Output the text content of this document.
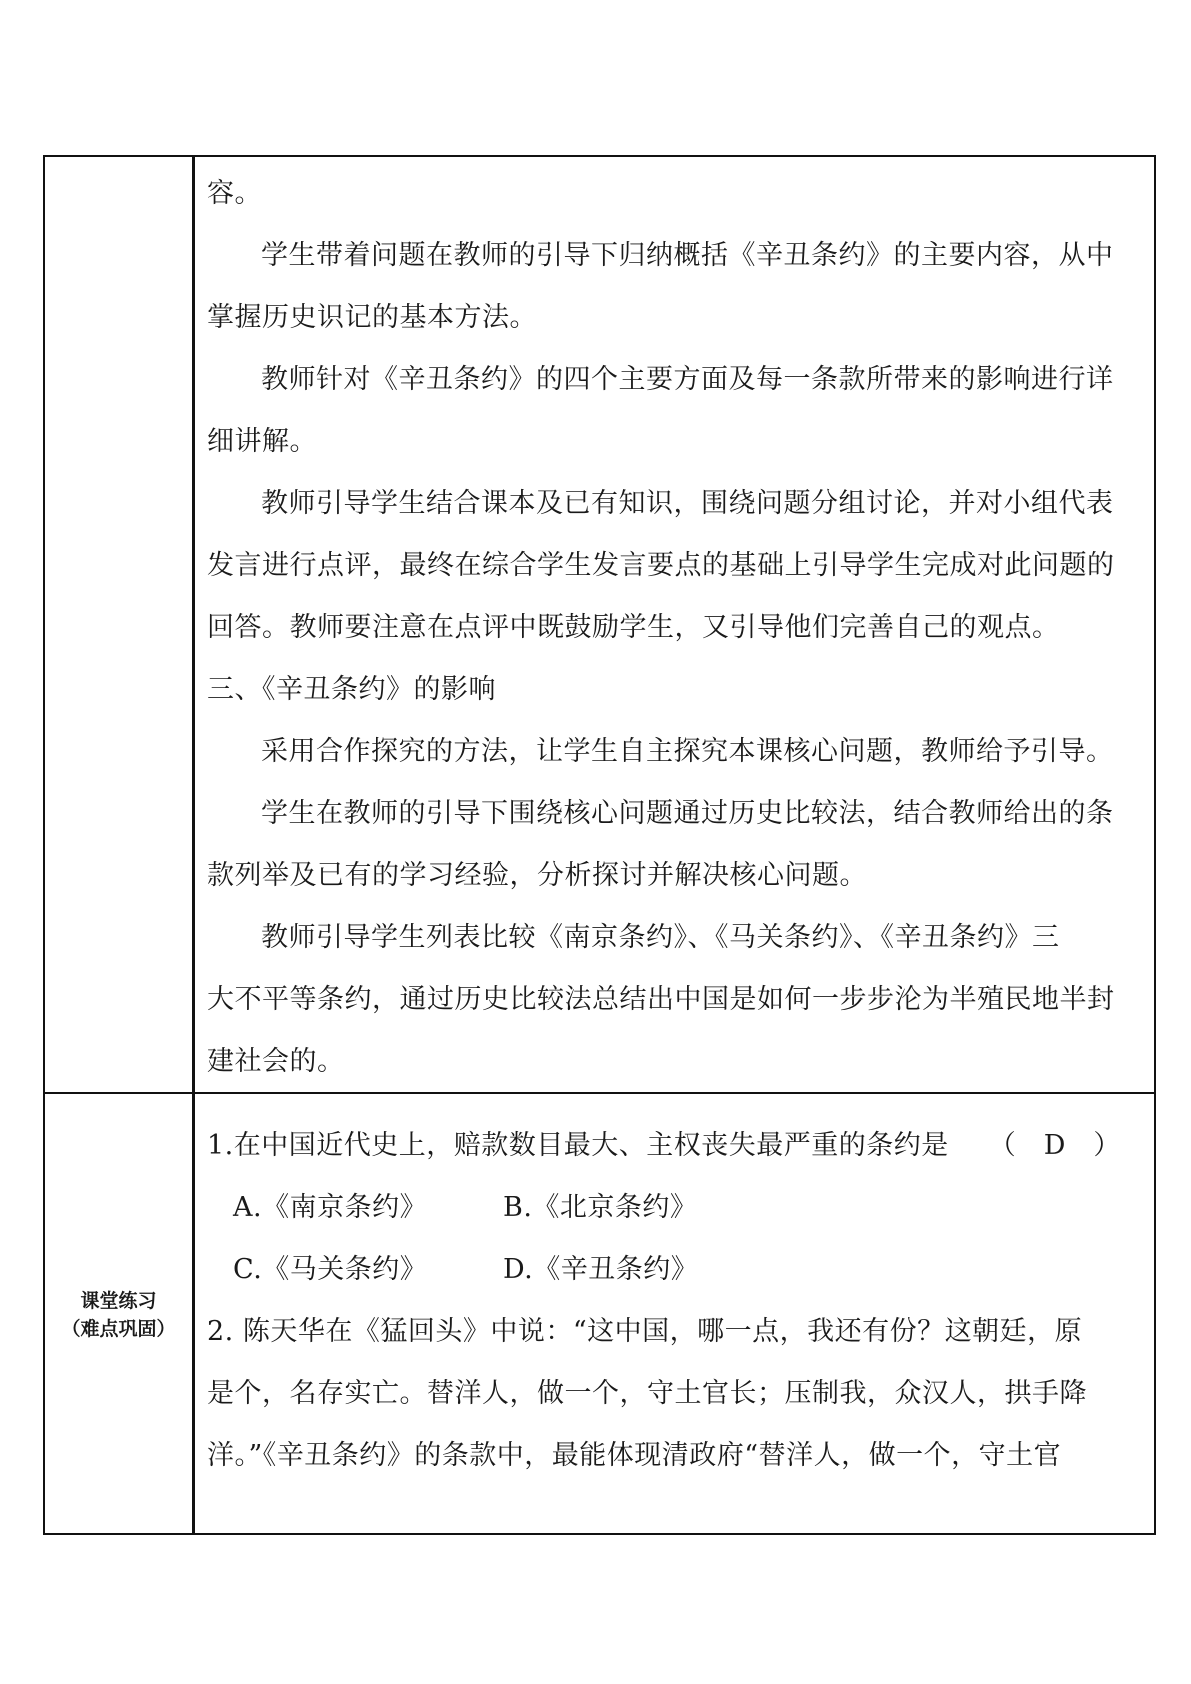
容。

学生带着问题在教师的引导下归纳概括《辛丑条约》的主要内容，从中

掌握历史识记的基本方法。

教师针对《辛丑条约》的四个主要方面及每一条款所带来的影响进行详

细讲解。

教师引导学生结合课本及已有知识，围绕问题分组讨论，并对小组代表

发言进行点评，最终在综合学生发言要点的基础上引导学生完成对此问题的

回答。教师要注意在点评中既鼓励学生，又引导他们完善自己的观点。

三、《辛丑条约》的影响

采用合作探究的方法，让学生自主探究本课核心问题，教师给予引导。

学生在教师的引导下围绕核心问题通过历史比较法，结合教师给出的条

款列举及已有的学习经验，分析探讨并解决核心问题。

教师引导学生列表比较《南京条约》、《马关条约》、《辛丑条约》三

大不平等条约，通过历史比较法总结出中国是如何一步步沦为半殖民地半封

建社会的。

课堂练习
（难点巩固）

1.在中国近代史上，赔款数目最大、主权丧失最严重的条约是 （　D　）

A.《南京条约》	B.《北京条约》

C.《马关条约》	D.《辛丑条约》

2. 陈天华在《猛回头》中说：“这中国，哪一点，我还有份？这朝廷，原

是个，名存实亡。替洋人，做一个，守土官长；压制我，众汉人，拱手降

洋。”《辛丑条约》的条款中，最能体现清政府“替洋人，做一个，守土官
